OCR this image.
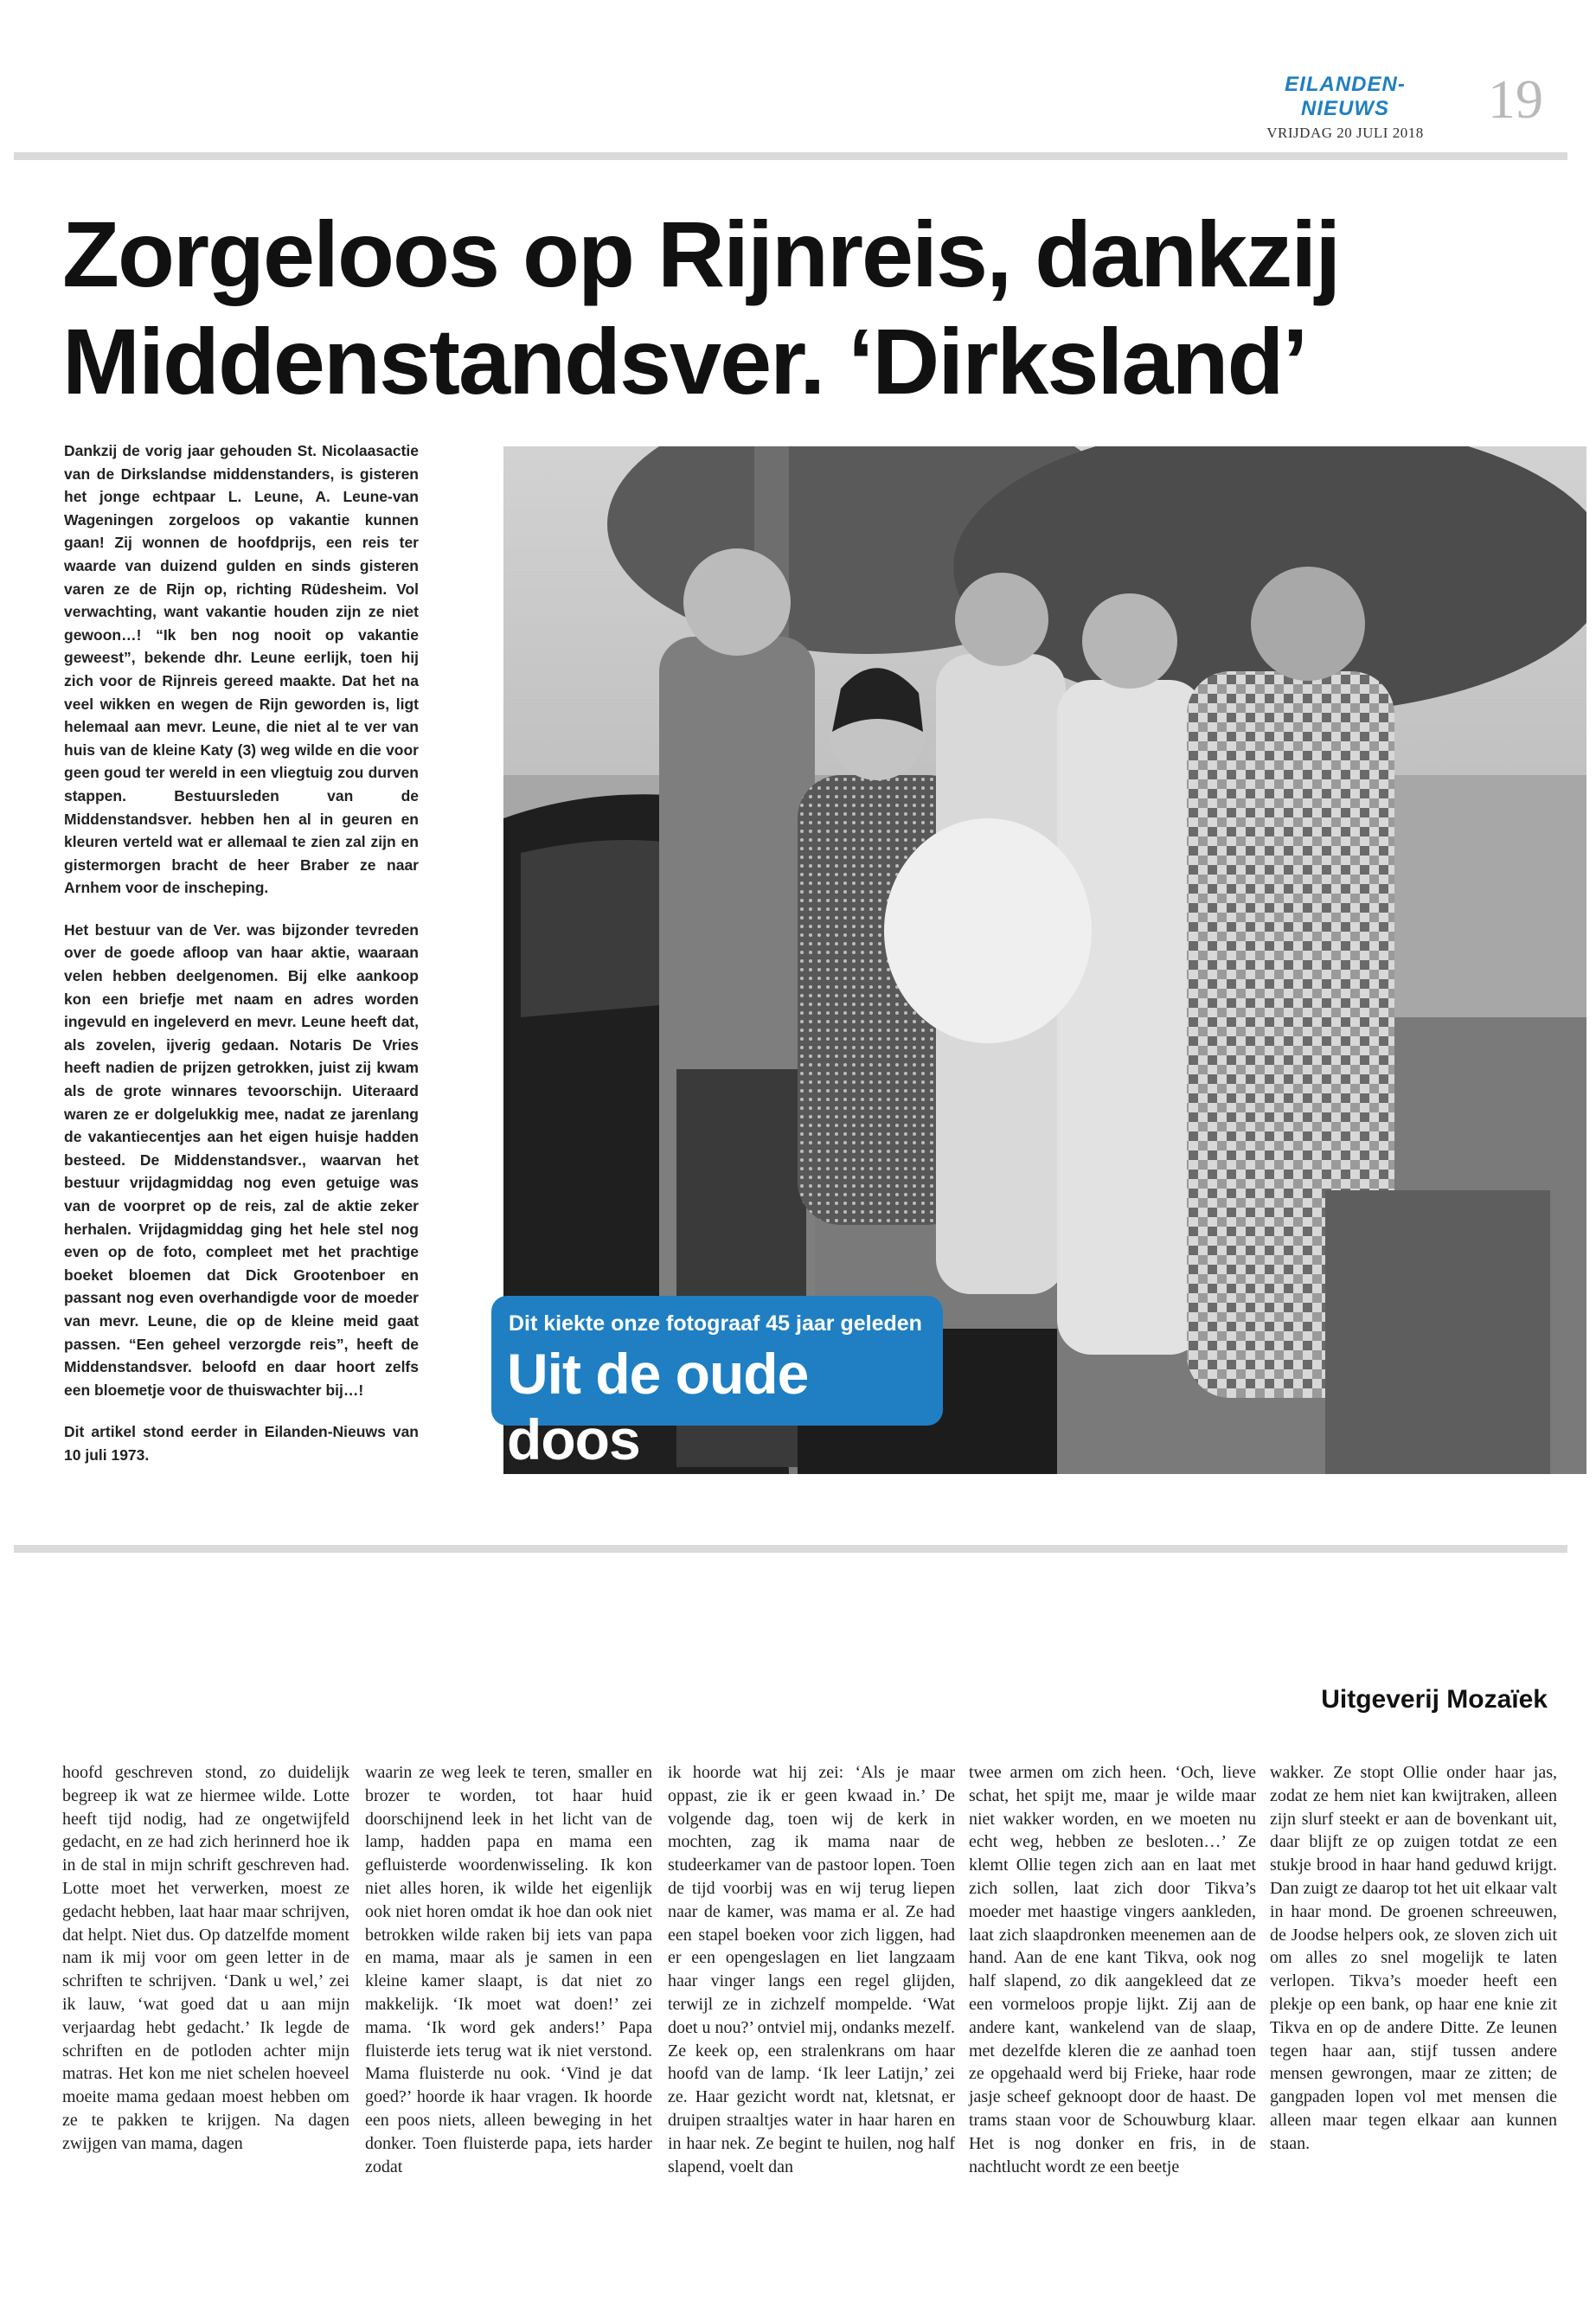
EILANDEN-NIEUWS
VRIJDAG 20 JULI 2018
19
Zorgeloos op Rijnreis, dankzij
Middenstandsver. ‘Dirksland’

Dankzij de vorig jaar gehouden St. Nicolaasactie van de Dirkslandse middenstanders, is gisteren het jonge echtpaar L. Leune, A. Leune-van Wageningen zorgeloos op vakantie kunnen gaan! Zij wonnen de hoofdprijs, een reis ter waarde van duizend gulden en sinds gisteren varen ze de Rijn op, richting Rüdesheim. Vol verwachting, want vakantie houden zijn ze niet gewoon…! “Ik ben nog nooit op vakantie geweest”, bekende dhr. Leune eerlijk, toen hij zich voor de Rijnreis gereed maakte. Dat het na veel wikken en wegen de Rijn geworden is, ligt helemaal aan mevr. Leune, die niet al te ver van huis van de kleine Katy (3) weg wilde en die voor geen goud ter wereld in een vliegtuig zou durven stappen. Bestuursleden van de Middenstandsver. hebben hen al in geuren en kleuren verteld wat er allemaal te zien zal zijn en gistermorgen bracht de heer Braber ze naar Arnhem voor de inscheping.

Het bestuur van de Ver. was bijzonder tevreden over de goede afloop van haar aktie, waaraan velen hebben deelgenomen. Bij elke aankoop kon een briefje met naam en adres worden ingevuld en ingeleverd en mevr. Leune heeft dat, als zovelen, ijverig gedaan. Notaris De Vries heeft nadien de prijzen getrokken, juist zij kwam als de grote winnares tevoorschijn. Uiteraard waren ze er dolgelukkig mee, nadat ze jarenlang de vakantiecentjes aan het eigen huisje hadden besteed. De Middenstandsver., waarvan het bestuur vrijdagmiddag nog even getuige was van de voorpret op de reis, zal de aktie zeker herhalen. Vrijdagmiddag ging het hele stel nog even op de foto, compleet met het prachtige boeket bloemen dat Dick Grootenboer en passant nog even overhandigde voor de moeder van mevr. Leune, die op de kleine meid gaat passen. “Een geheel verzorgde reis”, heeft de Middenstandsver. beloofd en daar hoort zelfs een bloemetje voor de thuiswachter bij…!

Dit artikel stond eerder in Eilanden-Nieuws van 10 juli 1973.

Dit kiekte onze fotograaf 45 jaar geleden
Uit de oude doos
Uitgeverij Mozaïek

hoofd geschreven stond, zo duidelijk begreep ik wat ze hiermee wilde. Lotte heeft tijd nodig, had ze ongetwijfeld gedacht, en ze had zich herinnerd hoe ik in de stal in mijn schrift geschreven had. Lotte moet het verwerken, moest ze gedacht hebben, laat haar maar schrijven, dat helpt. Niet dus. Op datzelfde moment nam ik mij voor om geen letter in de schriften te schrijven. ‘Dank u wel,’ zei ik lauw, ‘wat goed dat u aan mijn verjaardag hebt gedacht.’ Ik legde de schriften en de potloden achter mijn matras. Het kon me niet schelen hoeveel moeite mama gedaan moest hebben om ze te pakken te krijgen. Na dagen zwijgen van mama, dagen

waarin ze weg leek te teren, smaller en brozer te worden, tot haar huid doorschijnend leek in het licht van de lamp, hadden papa en mama een gefluisterde woordenwisseling. Ik kon niet alles horen, ik wilde het eigenlijk ook niet horen omdat ik hoe dan ook niet betrokken wilde raken bij iets van papa en mama, maar als je samen in een kleine kamer slaapt, is dat niet zo makkelijk. ‘Ik moet wat doen!’ zei mama. ‘Ik word gek anders!’ Papa fluisterde iets terug wat ik niet verstond. Mama fluisterde nu ook. ‘Vind je dat goed?’ hoorde ik haar vragen. Ik hoorde een poos niets, alleen beweging in het donker. Toen fluisterde papa, iets harder zodat

ik hoorde wat hij zei: ‘Als je maar oppast, zie ik er geen kwaad in.’ De volgende dag, toen wij de kerk in mochten, zag ik mama naar de studeerkamer van de pastoor lopen. Toen de tijd voorbij was en wij terug liepen naar de kamer, was mama er al. Ze had een stapel boeken voor zich liggen, had er een opengeslagen en liet langzaam haar vinger langs een regel glijden, terwijl ze in zichzelf mompelde. ‘Wat doet u nou?’ ontviel mij, ondanks mezelf. Ze keek op, een stralenkrans om haar hoofd van de lamp. ‘Ik leer Latijn,’ zei ze. Haar gezicht wordt nat, kletsnat, er druipen straaltjes water in haar haren en in haar nek. Ze begint te huilen, nog half slapend, voelt dan

twee armen om zich heen. ‘Och, lieve schat, het spijt me, maar je wilde maar niet wakker worden, en we moeten nu echt weg, hebben ze besloten…’ Ze klemt Ollie tegen zich aan en laat met zich sollen, laat zich door Tikva’s moeder met haastige vingers aankleden, laat zich slaapdronken meenemen aan de hand. Aan de ene kant Tikva, ook nog half slapend, zo dik aangekleed dat ze een vormeloos propje lijkt. Zij aan de andere kant, wankelend van de slaap, met dezelfde kleren die ze aanhad toen ze opgehaald werd bij Frieke, haar rode jasje scheef geknoopt door de haast. De trams staan voor de Schouwburg klaar. Het is nog donker en fris, in de nachtlucht wordt ze een beetje

wakker. Ze stopt Ollie onder haar jas, zodat ze hem niet kan kwijtraken, alleen zijn slurf steekt er aan de bovenkant uit, daar blijft ze op zuigen totdat ze een stukje brood in haar hand geduwd krijgt. Dan zuigt ze daarop tot het uit elkaar valt in haar mond. De groenen schreeuwen, de Joodse helpers ook, ze sloven zich uit om alles zo snel mogelijk te laten verlopen. Tikva’s moeder heeft een plekje op een bank, op haar ene knie zit Tikva en op de andere Ditte. Ze leunen tegen haar aan, stijf tussen andere mensen gewrongen, maar ze zitten; de gangpaden lopen vol met mensen die alleen maar tegen elkaar aan kunnen staan.
